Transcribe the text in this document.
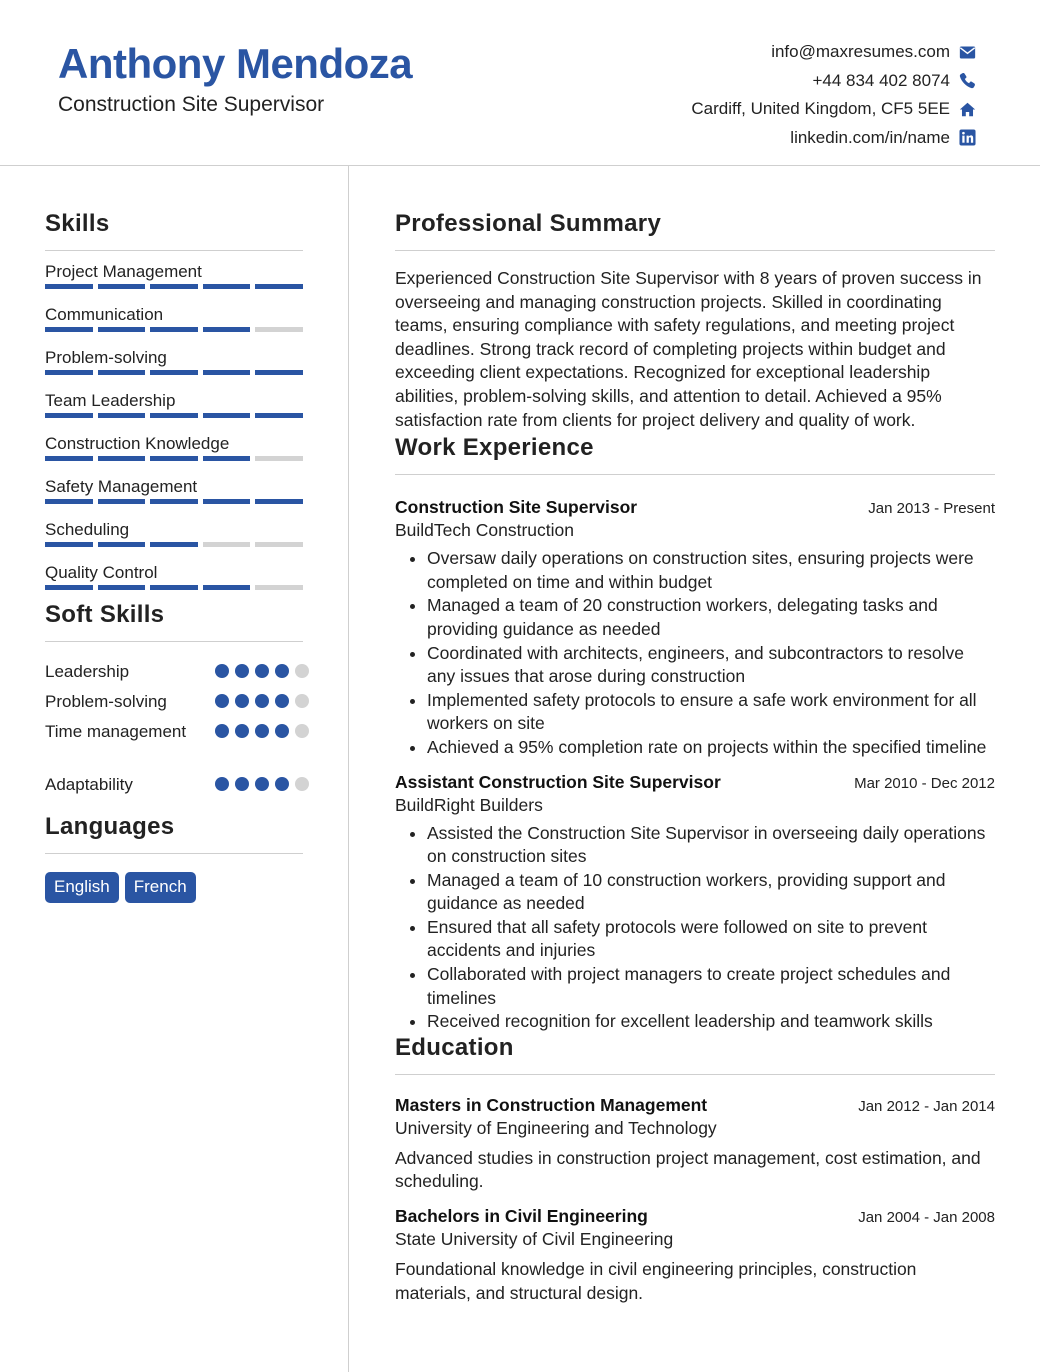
Anthony Mendoza
Construction Site Supervisor
info@maxresumes.com
+44 834 402 8074
Cardiff, United Kingdom, CF5 5EE
linkedin.com/in/name
Skills
Project Management
Communication
Problem-solving
Team Leadership
Construction Knowledge
Safety Management
Scheduling
Quality Control
Soft Skills
Leadership
Problem-solving
Time management
Adaptability
Languages
English	French
Professional Summary
Experienced Construction Site Supervisor with 8 years of proven success in overseeing and managing construction projects. Skilled in coordinating teams, ensuring compliance with safety regulations, and meeting project deadlines. Strong track record of completing projects within budget and exceeding client expectations. Recognized for exceptional leadership abilities, problem-solving skills, and attention to detail. Achieved a 95% satisfaction rate from clients for project delivery and quality of work.
Work Experience
Construction Site Supervisor	Jan 2013 - Present
BuildTech Construction
• Oversaw daily operations on construction sites, ensuring projects were completed on time and within budget
• Managed a team of 20 construction workers, delegating tasks and providing guidance as needed
• Coordinated with architects, engineers, and subcontractors to resolve any issues that arose during construction
• Implemented safety protocols to ensure a safe work environment for all workers on site
• Achieved a 95% completion rate on projects within the specified timeline
Assistant Construction Site Supervisor	Mar 2010 - Dec 2012
BuildRight Builders
• Assisted the Construction Site Supervisor in overseeing daily operations on construction sites
• Managed a team of 10 construction workers, providing support and guidance as needed
• Ensured that all safety protocols were followed on site to prevent accidents and injuries
• Collaborated with project managers to create project schedules and timelines
• Received recognition for excellent leadership and teamwork skills
Education
Masters in Construction Management	Jan 2012 - Jan 2014
University of Engineering and Technology
Advanced studies in construction project management, cost estimation, and scheduling.
Bachelors in Civil Engineering	Jan 2004 - Jan 2008
State University of Civil Engineering
Foundational knowledge in civil engineering principles, construction materials, and structural design.
